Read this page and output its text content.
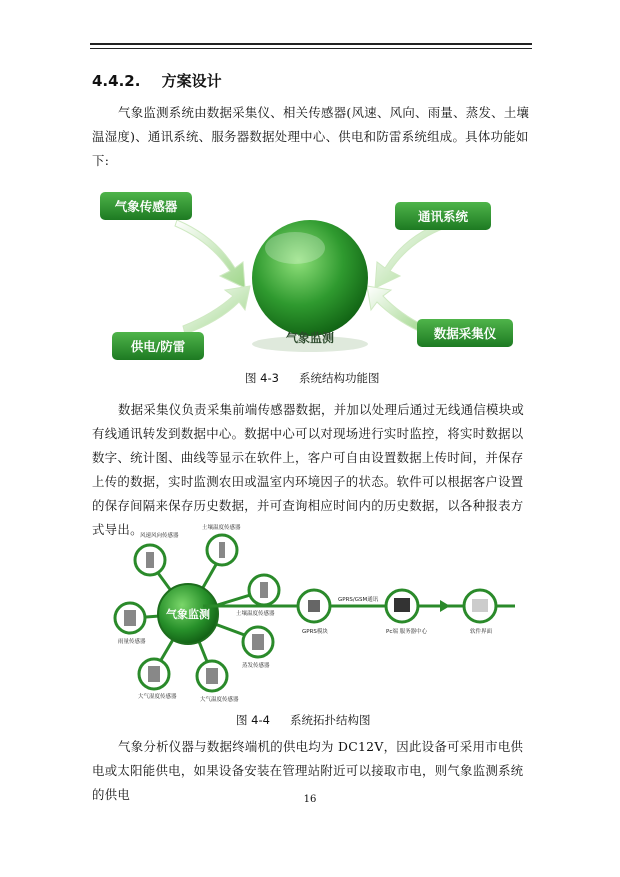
4.4.2. 方案设计
气象监测系统由数据采集仪、相关传感器(风速、风向、雨量、蒸发、土壤温湿度)、通讯系统、服务器数据处理中心、供电和防雷系统组成。具体功能如下:
气象监测
气象传感器
通讯系统
供电/防雷
数据采集仪
图 4-3 系统结构功能图
数据采集仪负责采集前端传感器数据，并加以处理后通过无线通信模块或有线通讯转发到数据中心。数据中心可以对现场进行实时监控，将实时数据以数字、统计图、曲线等显示在软件上，客户可自由设置数据上传时间，并保存上传的数据，实时监测农田或温室内环境因子的状态。软件可以根据客户设置的保存间隔来保存历史数据，并可查询相应时间内的历史数据，以各种报表方式导出。
气象监测
风速风向传感器
土壤温度传感器
土壤温度传感器
雨量传感器
蒸发传感器
大气湿度传感器	大气温度传感器
GPRS模块
GPRS/GSM通讯
Pc端 服务器中心	软件界面
图 4-4 系统拓扑结构图
气象分析仪器与数据终端机的供电均为 DC12V，因此设备可采用市电供电或太阳能供电，如果设备安装在管理站附近可以接取市电，则气象监测系统的供电	16
